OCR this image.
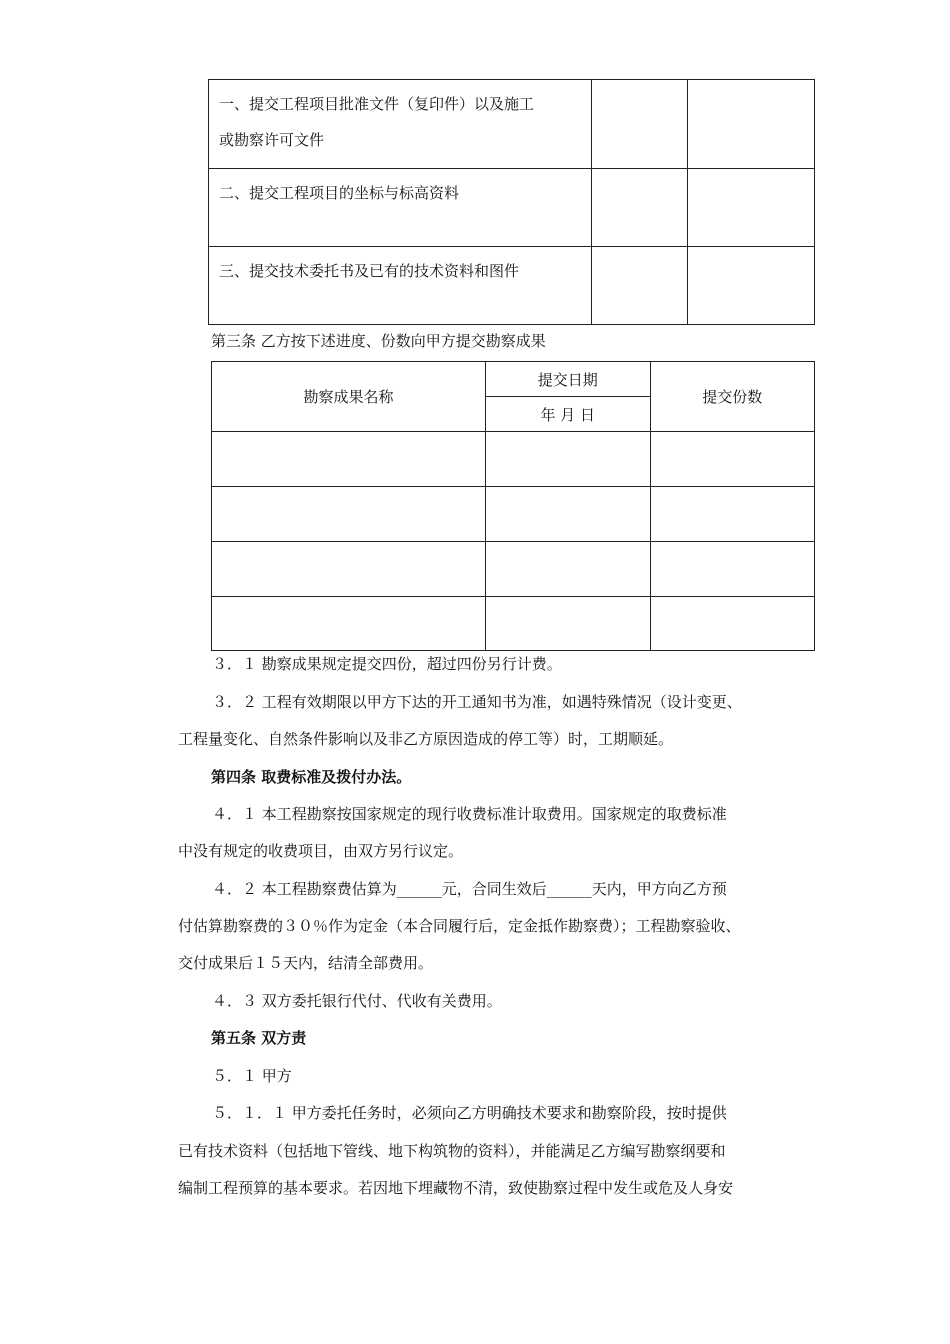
一、提交工程项目批准文件（复印件）以及施工
或勘察许可文件		

二、提交工程项目的坐标与标高资料		

三、提交技术委托书及已有的技术资料和图件		

第三条 乙方按下述进度、份数向甲方提交勘察成果

勘察成果名称	提交日期	提交份数
	年 月 日	

３．１ 勘察成果规定提交四份，超过四份另行计费。

３．２ 工程有效期限以甲方下达的开工通知书为准，如遇特殊情况（设计变更、

工程量变化、自然条件影响以及非乙方原因造成的停工等）时，工期顺延。

第四条 取费标准及拨付办法。

４．１ 本工程勘察按国家规定的现行收费标准计取费用。国家规定的取费标准

中没有规定的收费项目，由双方另行议定。

４．２ 本工程勘察费估算为______元，合同生效后______天内，甲方向乙方预

付估算勘察费的３０％作为定金（本合同履行后，定金抵作勘察费）；工程勘察验收、

交付成果后１５天内，结清全部费用。

４．３ 双方委托银行代付、代收有关费用。

第五条 双方责

５．１ 甲方

５．１．１ 甲方委托任务时，必须向乙方明确技术要求和勘察阶段，按时提供

已有技术资料（包括地下管线、地下构筑物的资料），并能满足乙方编写勘察纲要和

编制工程预算的基本要求。若因地下埋藏物不清，致使勘察过程中发生或危及人身安
